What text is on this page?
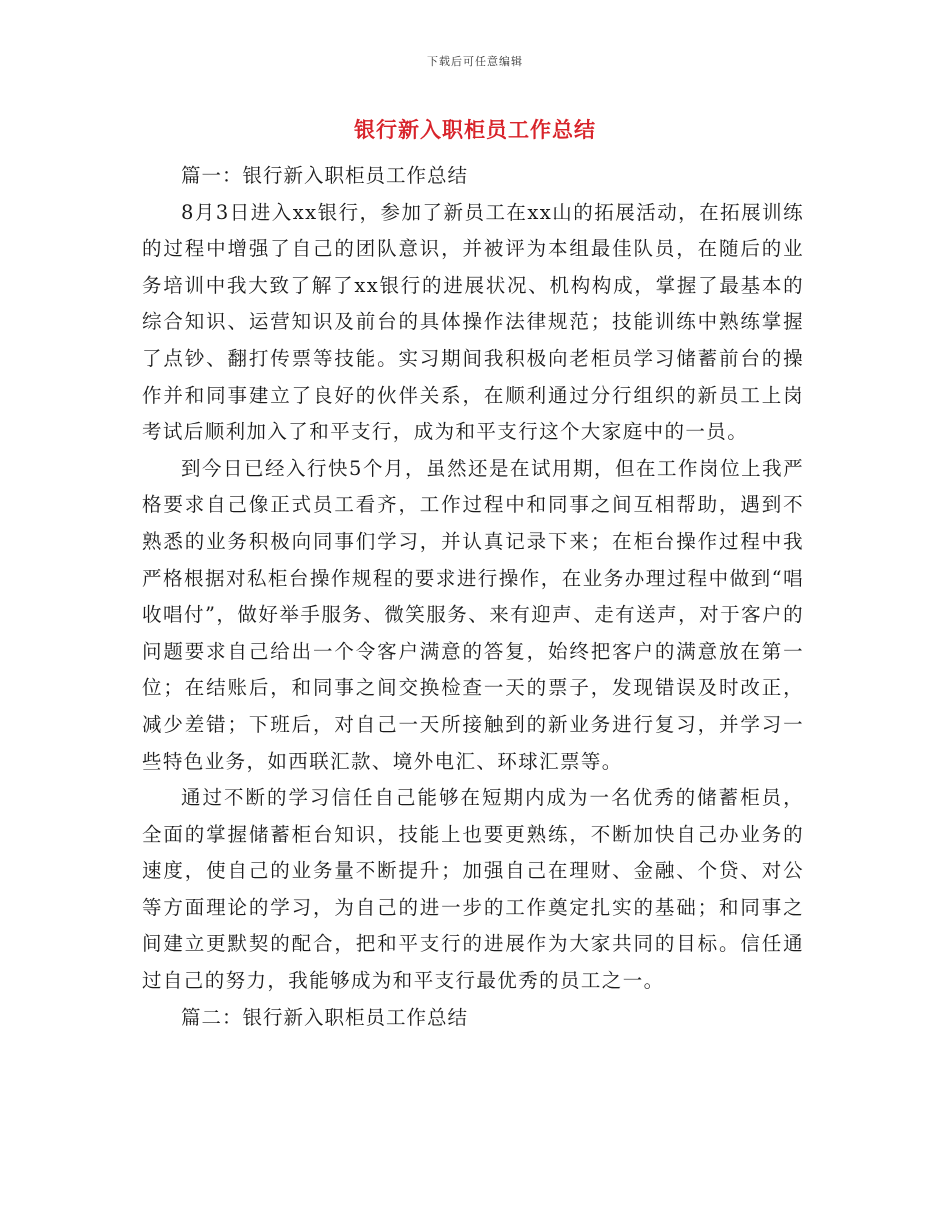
下载后可任意编辑
银行新入职柜员工作总结

篇一：银行新入职柜员工作总结

8月3日进入xx银行，参加了新员工在xx山的拓展活动，在拓展训练的过程中增强了自己的团队意识，并被评为本组最佳队员，在随后的业务培训中我大致了解了xx银行的进展状况、机构构成，掌握了最基本的综合知识、运营知识及前台的具体操作法律规范；技能训练中熟练掌握了点钞、翻打传票等技能。实习期间我积极向老柜员学习储蓄前台的操作并和同事建立了良好的伙伴关系，在顺利通过分行组织的新员工上岗考试后顺利加入了和平支行，成为和平支行这个大家庭中的一员。

到今日已经入行快5个月，虽然还是在试用期，但在工作岗位上我严格要求自己像正式员工看齐，工作过程中和同事之间互相帮助，遇到不熟悉的业务积极向同事们学习，并认真记录下来；在柜台操作过程中我严格根据对私柜台操作规程的要求进行操作，在业务办理过程中做到“唱收唱付”，做好举手服务、微笑服务、来有迎声、走有送声，对于客户的问题要求自己给出一个令客户满意的答复，始终把客户的满意放在第一位；在结账后，和同事之间交换检查一天的票子，发现错误及时改正，减少差错；下班后，对自己一天所接触到的新业务进行复习，并学习一些特色业务，如西联汇款、境外电汇、环球汇票等。

通过不断的学习信任自己能够在短期内成为一名优秀的储蓄柜员，全面的掌握储蓄柜台知识，技能上也要更熟练，不断加快自己办业务的速度，使自己的业务量不断提升；加强自己在理财、金融、个贷、对公等方面理论的学习，为自己的进一步的工作奠定扎实的基础；和同事之间建立更默契的配合，把和平支行的进展作为大家共同的目标。信任通过自己的努力，我能够成为和平支行最优秀的员工之一。

篇二：银行新入职柜员工作总结
